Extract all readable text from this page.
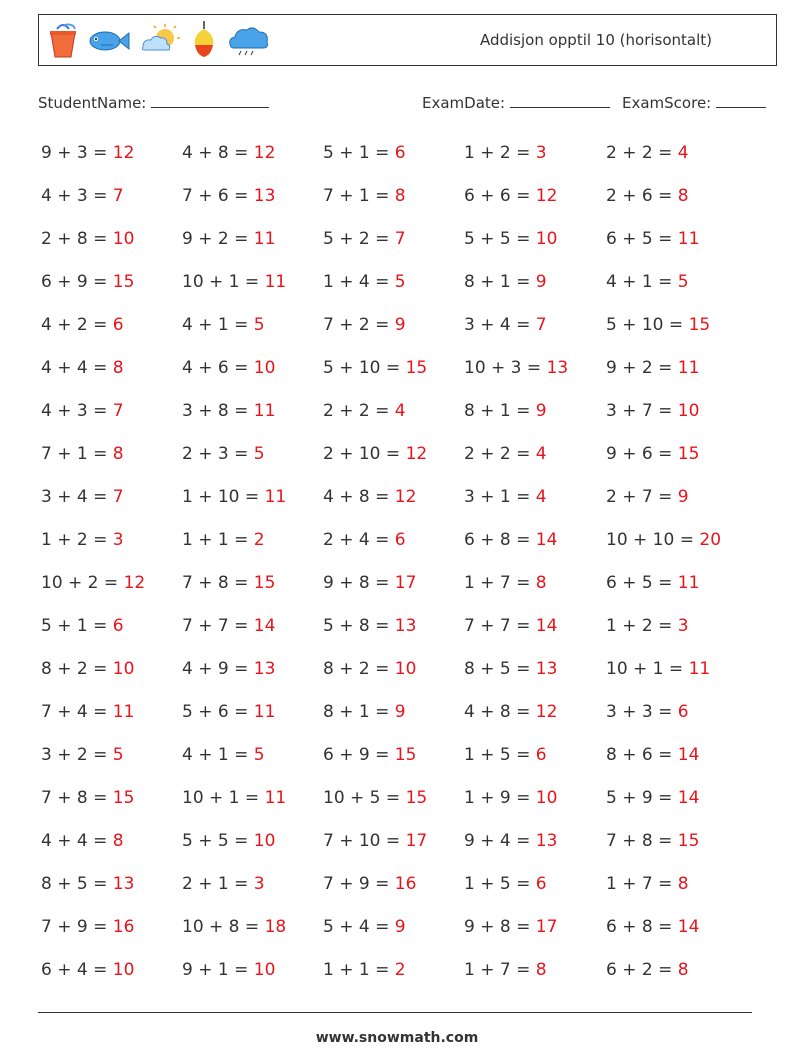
Addisjon opptil 10 (horisontalt)
StudentName:	ExamDate:	ExamScore:
9 + 3 = 12
4 + 3 = 7
2 + 8 = 10
6 + 9 = 15
4 + 2 = 6
4 + 4 = 8
4 + 3 = 7
7 + 1 = 8
3 + 4 = 7
1 + 2 = 3
10 + 2 = 12
5 + 1 = 6
8 + 2 = 10
7 + 4 = 11
3 + 2 = 5
7 + 8 = 15
4 + 4 = 8
8 + 5 = 13
7 + 9 = 16
6 + 4 = 10
4 + 8 = 12
7 + 6 = 13
9 + 2 = 11
10 + 1 = 11
4 + 1 = 5
4 + 6 = 10
3 + 8 = 11
2 + 3 = 5
1 + 10 = 11
1 + 1 = 2
7 + 8 = 15
7 + 7 = 14
4 + 9 = 13
5 + 6 = 11
4 + 1 = 5
10 + 1 = 11
5 + 5 = 10
2 + 1 = 3
10 + 8 = 18
9 + 1 = 10
5 + 1 = 6
7 + 1 = 8
5 + 2 = 7
1 + 4 = 5
7 + 2 = 9
5 + 10 = 15
2 + 2 = 4
2 + 10 = 12
4 + 8 = 12
2 + 4 = 6
9 + 8 = 17
5 + 8 = 13
8 + 2 = 10
8 + 1 = 9
6 + 9 = 15
10 + 5 = 15
7 + 10 = 17
7 + 9 = 16
5 + 4 = 9
1 + 1 = 2
1 + 2 = 3
6 + 6 = 12
5 + 5 = 10
8 + 1 = 9
3 + 4 = 7
10 + 3 = 13
8 + 1 = 9
2 + 2 = 4
3 + 1 = 4
6 + 8 = 14
1 + 7 = 8
7 + 7 = 14
8 + 5 = 13
4 + 8 = 12
1 + 5 = 6
1 + 9 = 10
9 + 4 = 13
1 + 5 = 6
9 + 8 = 17
1 + 7 = 8
2 + 2 = 4
2 + 6 = 8
6 + 5 = 11
4 + 1 = 5
5 + 10 = 15
9 + 2 = 11
3 + 7 = 10
9 + 6 = 15
2 + 7 = 9
10 + 10 = 20
6 + 5 = 11
1 + 2 = 3
10 + 1 = 11
3 + 3 = 6
8 + 6 = 14
5 + 9 = 14
7 + 8 = 15
1 + 7 = 8
6 + 8 = 14
6 + 2 = 8
www.snowmath.com
